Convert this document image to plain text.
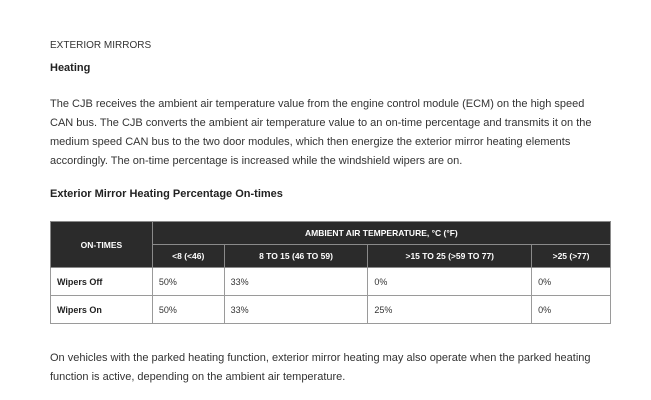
EXTERIOR MIRRORS
Heating
The CJB receives the ambient air temperature value from the engine control module (ECM) on the high speed CAN bus. The CJB converts the ambient air temperature value to an on-time percentage and transmits it on the medium speed CAN bus to the two door modules, which then energize the exterior mirror heating elements accordingly. The on-time percentage is increased while the windshield wipers are on.
Exterior Mirror Heating Percentage On-times
ON-TIMES	AMBIENT AIR TEMPERATURE, °C (°F)			
	<8 (<46)	8 TO 15 (46 TO 59)	>15 TO 25 (>59 TO 77)	>25 (>77)
Wipers Off	50%	33%	0%	0%
Wipers On	50%	33%	25%	0%
On vehicles with the parked heating function, exterior mirror heating may also operate when the parked heating function is active, depending on the ambient air temperature.
